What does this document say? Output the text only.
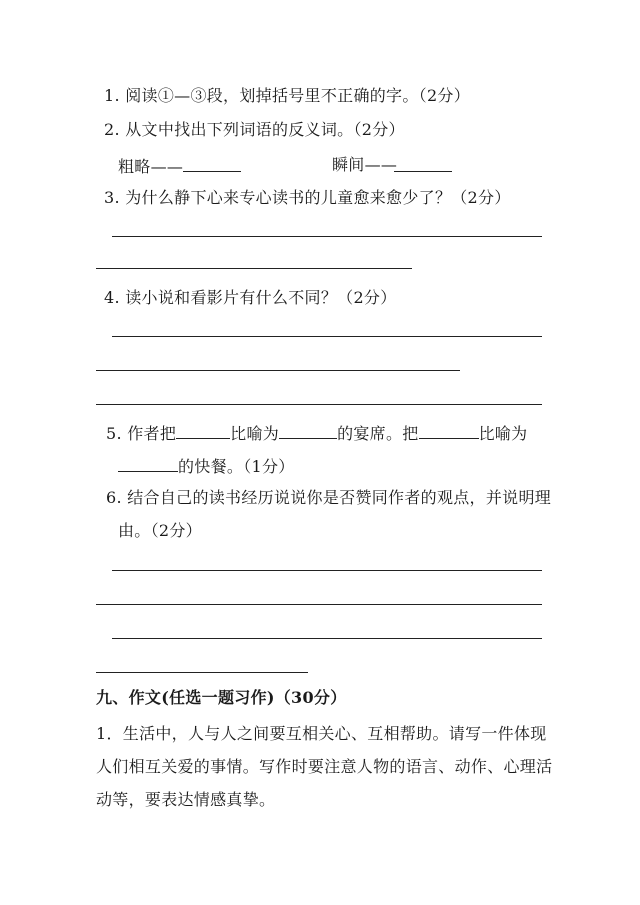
1. 阅读①—③段，划掉括号里不正确的字。（2分）
2. 从文中找出下列词语的反义词。（2分）
粗略——	瞬间——
3. 为什么静下心来专心读书的儿童愈来愈少了？（2分）
4. 读小说和看影片有什么不同？（2分）
5. 作者把	比喻为	的宴席。把	比喻为
的快餐。（1分）
6. 结合自己的读书经历说说你是否赞同作者的观点，并说明理
由。（2分）
九、作文(任选一题习作)（30分）
1．生活中，人与人之间要互相关心、互相帮助。请写一件体现
人们相互关爱的事情。写作时要注意人物的语言、动作、心理活
动等，要表达情感真挚。
